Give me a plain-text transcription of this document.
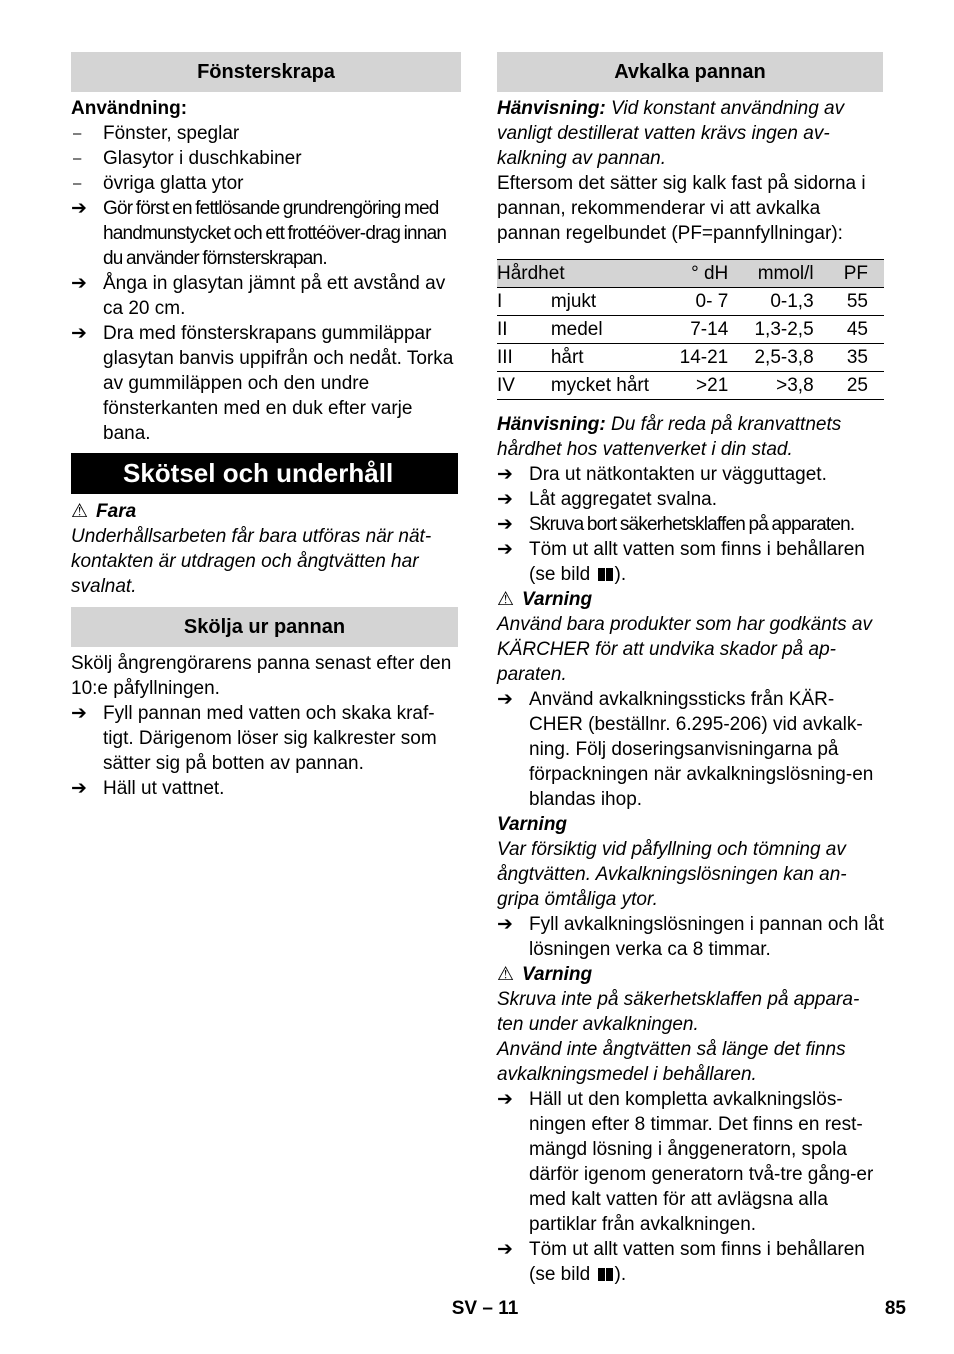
Fönsterskrapa
Användning:
–	Fönster, speglar
–	Glasytor i duschkabiner
–	övriga glatta ytor
➔ Gör först en fettlösande grundrengöring med handmunstycket och ett frottéöver-drag innan du använder förnsterskrapan.
➔ Ånga in glasytan jämnt på ett avstånd av ca 20 cm.
➔ Dra med fönsterskrapans gummiläppar glasytan banvis uppifrån och nedåt. Torka av gummiläppen och den undre fönsterkanten med en duk efter varje bana.
Skötsel och underhåll
⚠ Fara
Underhållsarbeten får bara utföras när nät-kontakten är utdragen och ångtvätten har svalnat.
Skölja ur pannan
Skölj ångrengörarens panna senast efter den 10:e påfyllningen.
➔ Fyll pannan med vatten och skaka kraf-tigt. Därigenom löser sig kalkrester som sätter sig på botten av pannan.
➔ Häll ut vattnet.
Avkalka pannan
Hänvisning: Vid konstant användning av vanligt destillerat vatten krävs ingen av-kalkning av pannan.
Eftersom det sätter sig kalk fast på sidorna i pannan, rekommenderar vi att avkalka pannan regelbundet (PF=pannfyllningar):
Hårdhet		° dH	mmol/l	PF
I	mjukt	0- 7	0-1,3	55
II	medel	7-14	1,3-2,5	45
III	hårt	14-21	2,5-3,8	35
IV	mycket hårt	>21	>3,8	25
Hänvisning: Du får reda på kranvattnets hårdhet hos vattenverket i din stad.
➔ Dra ut nätkontakten ur vägguttaget.
➔ Låt aggregatet svalna.
➔ Skruva bort säkerhetsklaffen på apparaten.
➔ Töm ut allt vatten som finns i behållaren (se bild ).
⚠ Varning
Använd bara produkter som har godkänts av KÄRCHER för att undvika skador på ap-paraten.
➔ Använd avkalkningssticks från KÄR-CHER (beställnr. 6.295-206) vid avkalk-ning. Följ doseringsanvisningarna på förpackningen när avkalkningslösning-en blandas ihop.
Varning
Var försiktig vid påfyllning och tömning av ångtvätten. Avkalkningslösningen kan an-gripa ömtåliga ytor.
➔ Fyll avkalkningslösningen i pannan och låt lösningen verka ca 8 timmar.
⚠ Varning
Skruva inte på säkerhetsklaffen på appara-ten under avkalkningen.
Använd inte ångtvätten så länge det finns avkalkningsmedel i behållaren.
➔ Häll ut den kompletta avkalkningslös-ningen efter 8 timmar. Det finns en rest-mängd lösning i ånggeneratorn, spola därför igenom generatorn två-tre gång-er med kalt vatten för att avlägsna alla partiklar från avkalkningen.
➔ Töm ut allt vatten som finns i behållaren (se bild ).
SV – 11	85
